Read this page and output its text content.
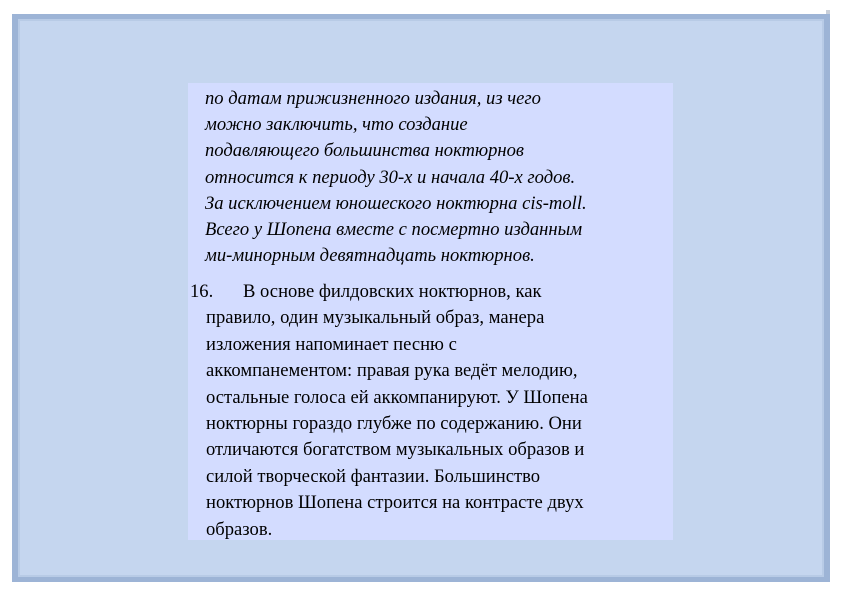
по датам прижизненного издания, из чего
можно заключить, что создание
подавляющего большинства ноктюрнов
относится к периоду 30-х и начала 40-х годов.
За исключением юношеского ноктюрна cis-moll.
Всего у Шопена вместе с посмертно изданным
ми-минорным девятнадцать ноктюрнов.
16.	В основе филдовских ноктюрнов, как
правило, один музыкальный образ, манера
изложения напоминает песню с
аккомпанементом: правая рука ведёт мелодию,
остальные голоса ей аккомпанируют. У Шопена
ноктюрны гораздо глубже по содержанию. Они
отличаются богатством музыкальных образов и
силой творческой фантазии. Большинство
ноктюрнов Шопена строится на контрасте двух
образов.
